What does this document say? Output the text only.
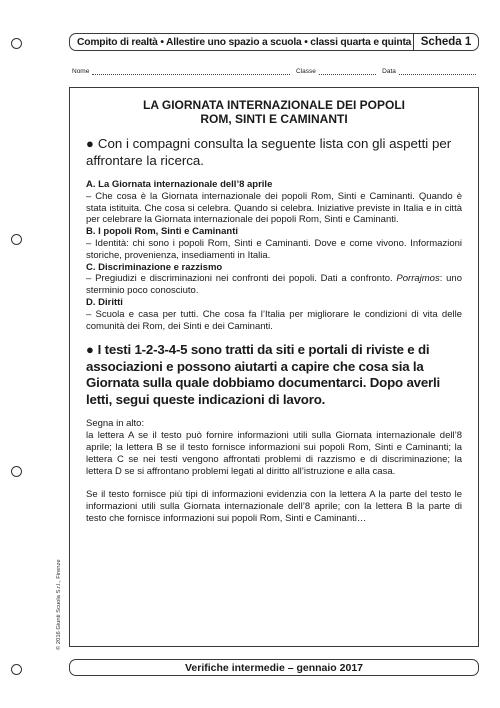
Compito di realtà • Allestire uno spazio a scuola • classi quarta e quinta Scheda 1
Nome	Classe	Data
LA GIORNATA INTERNAZIONALE DEI POPOLI
ROM, SINTI E CAMINANTI

● Con i compagni consulta la seguente lista con gli aspetti per affrontare la ricerca.

A. La Giornata internazionale dell’8 aprile

– Che cosa è la Giornata internazionale dei popoli Rom, Sinti e Caminanti. Quando è stata istituita. Che cosa si celebra. Quando si celebra. Iniziative previste in Italia e in città per celebrare la Giornata internazionale dei popoli Rom, Sinti e Caminanti.

B. I popoli Rom, Sinti e Caminanti

– Identità: chi sono i popoli Rom, Sinti e Caminanti. Dove e come vivono. Informazioni storiche, provenienza, insediamenti in Italia.

C. Discriminazione e razzismo

– Pregiudizi e discriminazioni nei confronti dei popoli. Dati a confronto. Porrajmos: uno sterminio poco conosciuto.

D. Diritti

– Scuola e casa per tutti. Che cosa fa l’Italia per migliorare le condizioni di vita delle comunità dei Rom, dei Sinti e dei Caminanti.

● I testi 1-2-3-4-5 sono tratti da siti e portali di riviste e di associazioni e possono aiutarti a capire che cosa sia la Giornata sulla quale dobbiamo documentarci. Dopo averli letti, segui queste indicazioni di lavoro.

Segna in alto:

la lettera A se il testo può fornire informazioni utili sulla Giornata internazionale dell’8 aprile; la lettera B se il testo fornisce informazioni sui popoli Rom, Sinti e Caminanti; la lettera C se nei testi vengono affrontati problemi di razzismo e di discriminazione; la lettera D se si affrontano problemi legati al diritto all’istruzione e alla casa.

Se il testo fornisce più tipi di informazioni evidenzia con la lettera A la parte del testo le informazioni utili sulla Giornata internazionale dell’8 aprile; con la lettera B la parte di testo che fornisce informazioni sui popoli Rom, Sinti e Caminanti…

© 2016 Giunti Scuola S.r.l., Firenze
Verifiche intermedie – gennaio 2017
